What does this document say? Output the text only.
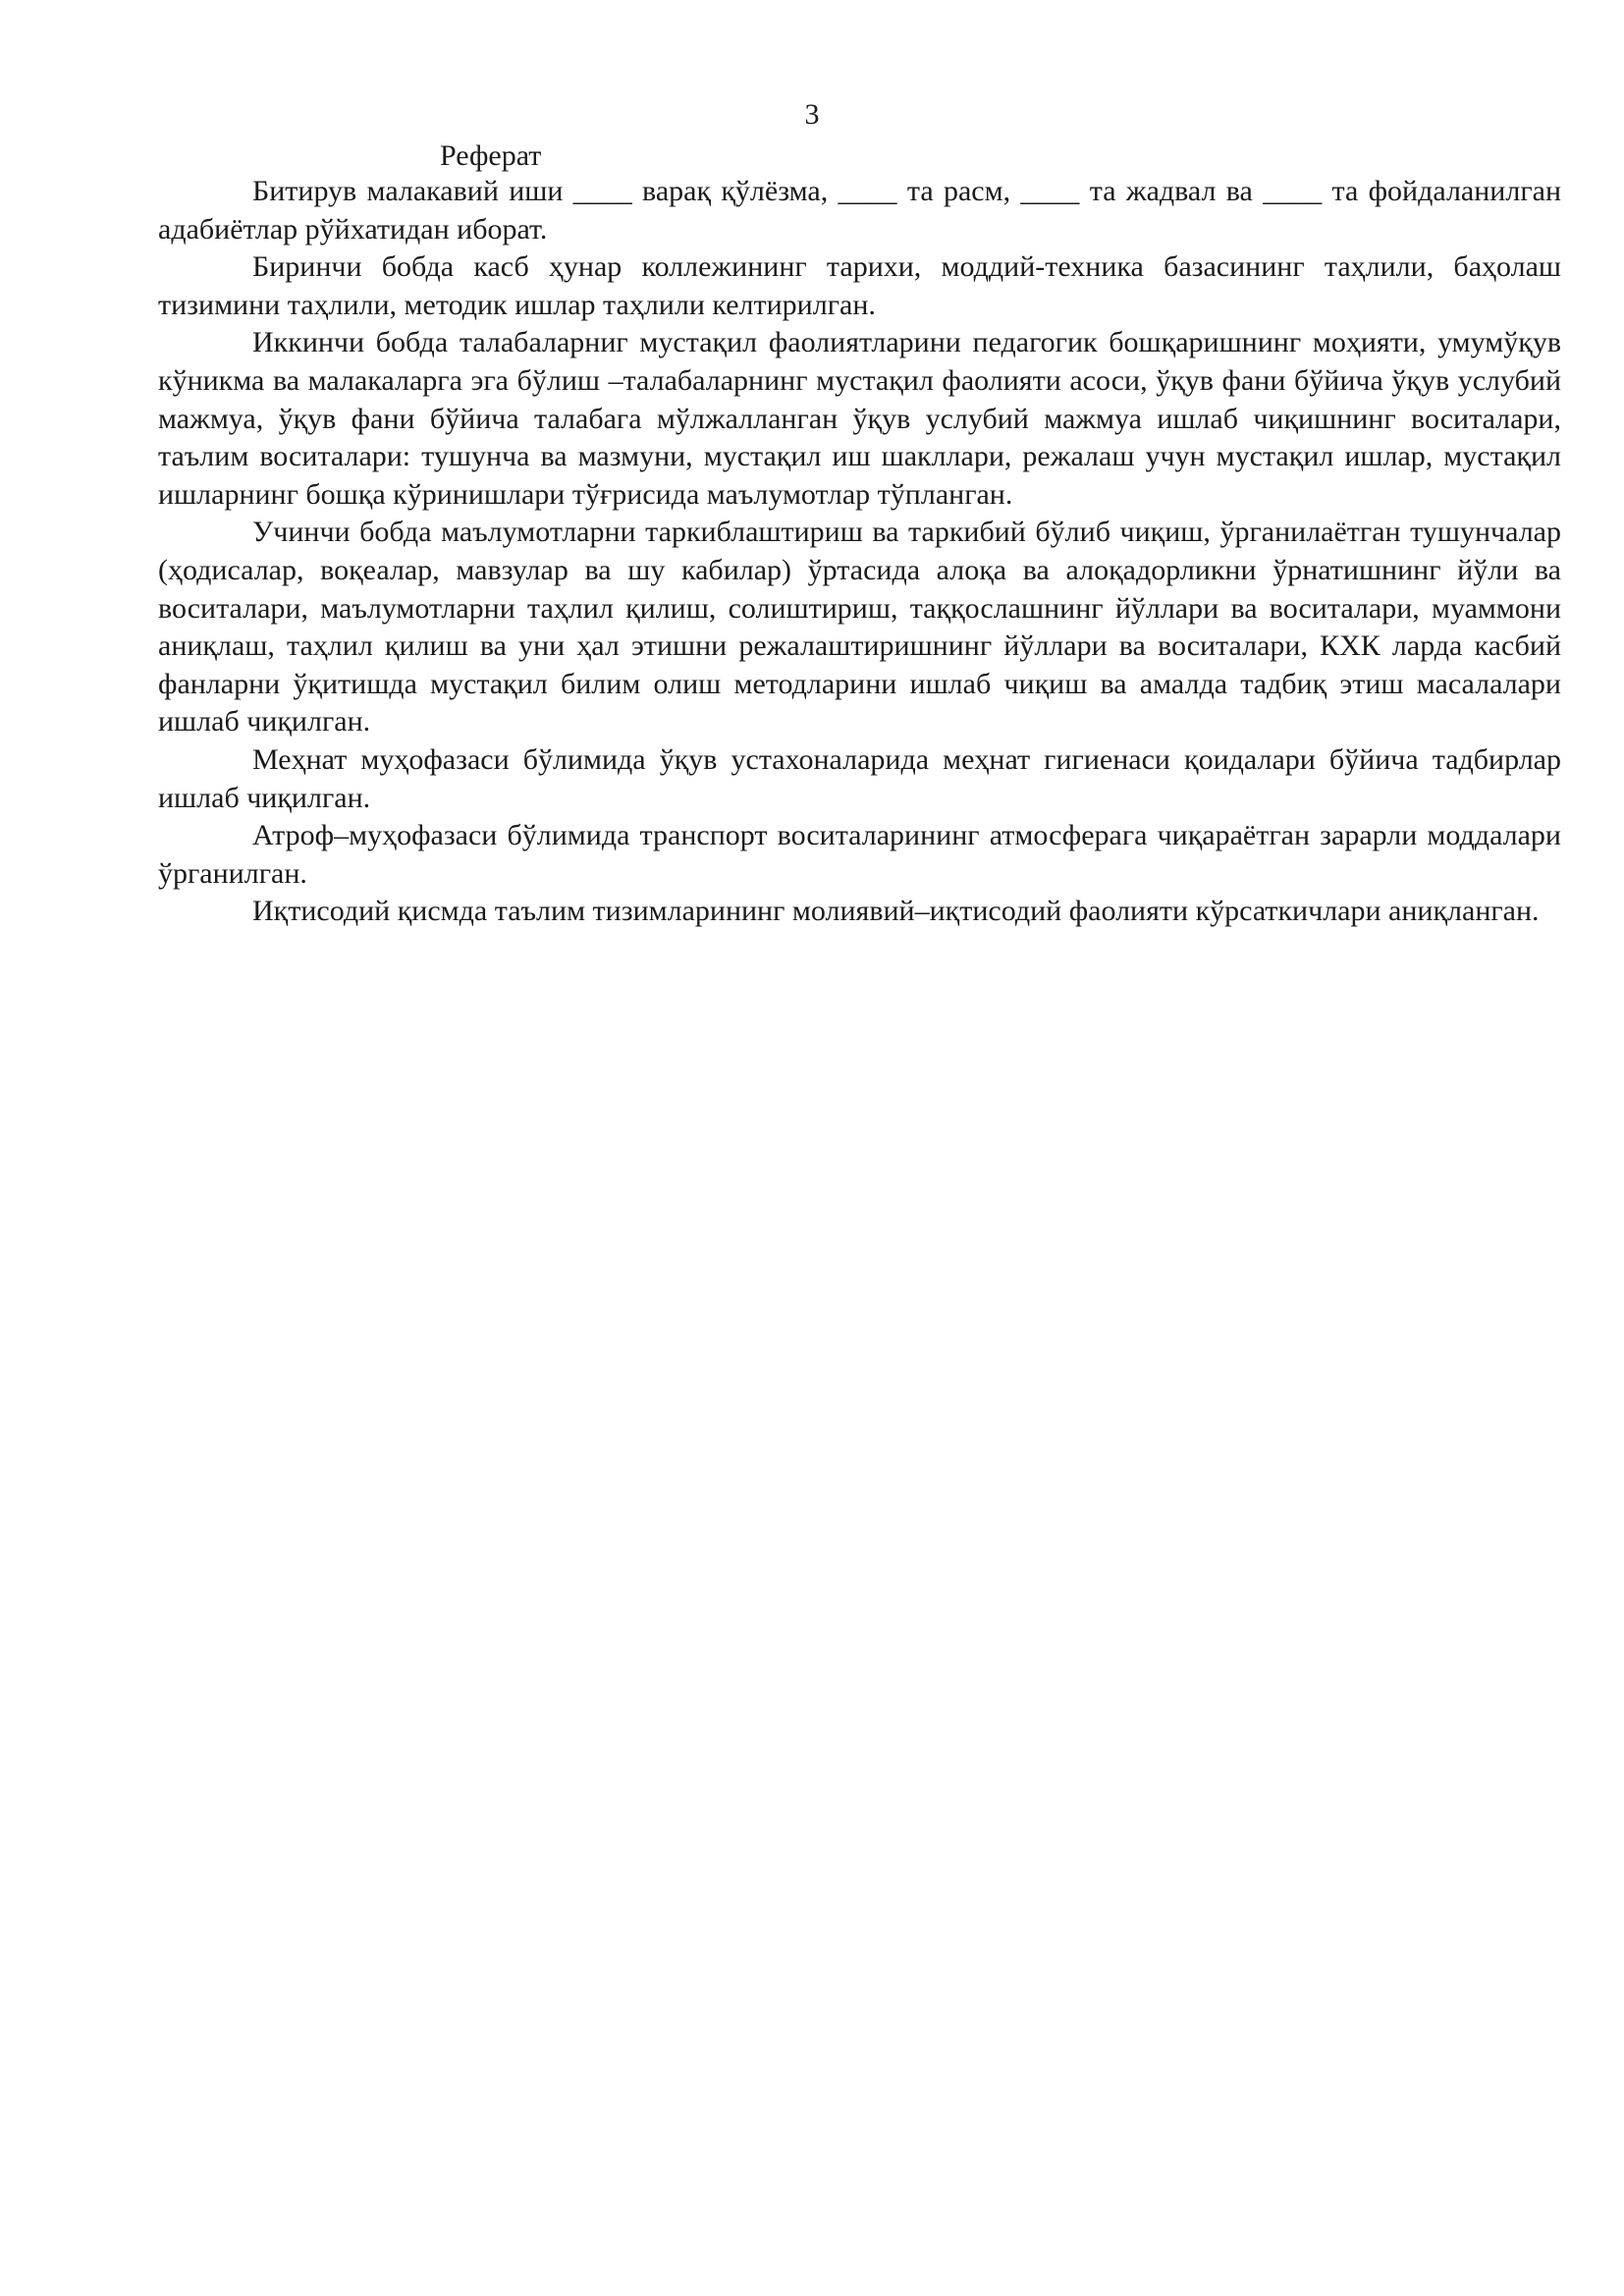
3
Реферат

Битирув малакавий иши ____ варақ қўлёзма, ____ та расм, ____ та жадвал ва ____ та фойдаланилган адабиётлар рўйхатидан иборат.

Биринчи бобда касб ҳунар коллежининг тарихи, моддий-техника базасининг таҳлили, баҳолаш тизимини таҳлили, методик ишлар таҳлили келтирилган.

Иккинчи бобда талабаларниг мустақил фаолиятларини педагогик бошқаришнинг моҳияти, умумўқув кўникма ва малакаларга эга бўлиш –талабаларнинг мустақил фаолияти асоси, ўқув фани бўйича ўқув услубий мажмуа, ўқув фани бўйича талабага мўлжалланган ўқув услубий мажмуа ишлаб чиқишнинг воситалари, таълим воситалари: тушунча ва мазмуни, мустақил иш шакллари, режалаш учун мустақил ишлар, мустақил ишларнинг бошқа кўринишлари тўғрисида маълумотлар тўпланган.

Учинчи бобда маълумотларни таркиблаштириш ва таркибий бўлиб чиқиш, ўрганилаётган тушунчалар (ҳодисалар, воқеалар, мавзулар ва шу кабилар) ўртасида алоқа ва алоқадорликни ўрнатишнинг йўли ва воситалари, маълумотларни таҳлил қилиш, солиштириш, таққослашнинг йўллари ва воситалари, муаммони аниқлаш, таҳлил қилиш ва уни ҳал этишни режалаштиришнинг йўллари ва воситалари, КХК ларда касбий фанларни ўқитишда мустақил билим олиш методларини ишлаб чиқиш ва амалда тадбиқ этиш масалалари ишлаб чиқилган.

Меҳнат муҳофазаси бўлимида ўқув устахоналарида меҳнат гигиенаси қоидалари бўйича тадбирлар ишлаб чиқилган.

Атроф–муҳофазаси бўлимида транспорт воситаларининг атмосферага чиқараётган зарарли моддалари ўрганилган.

Иқтисодий қисмда таълим тизимларининг молиявий–иқтисодий фаолияти кўрсаткичлари аниқланган.
